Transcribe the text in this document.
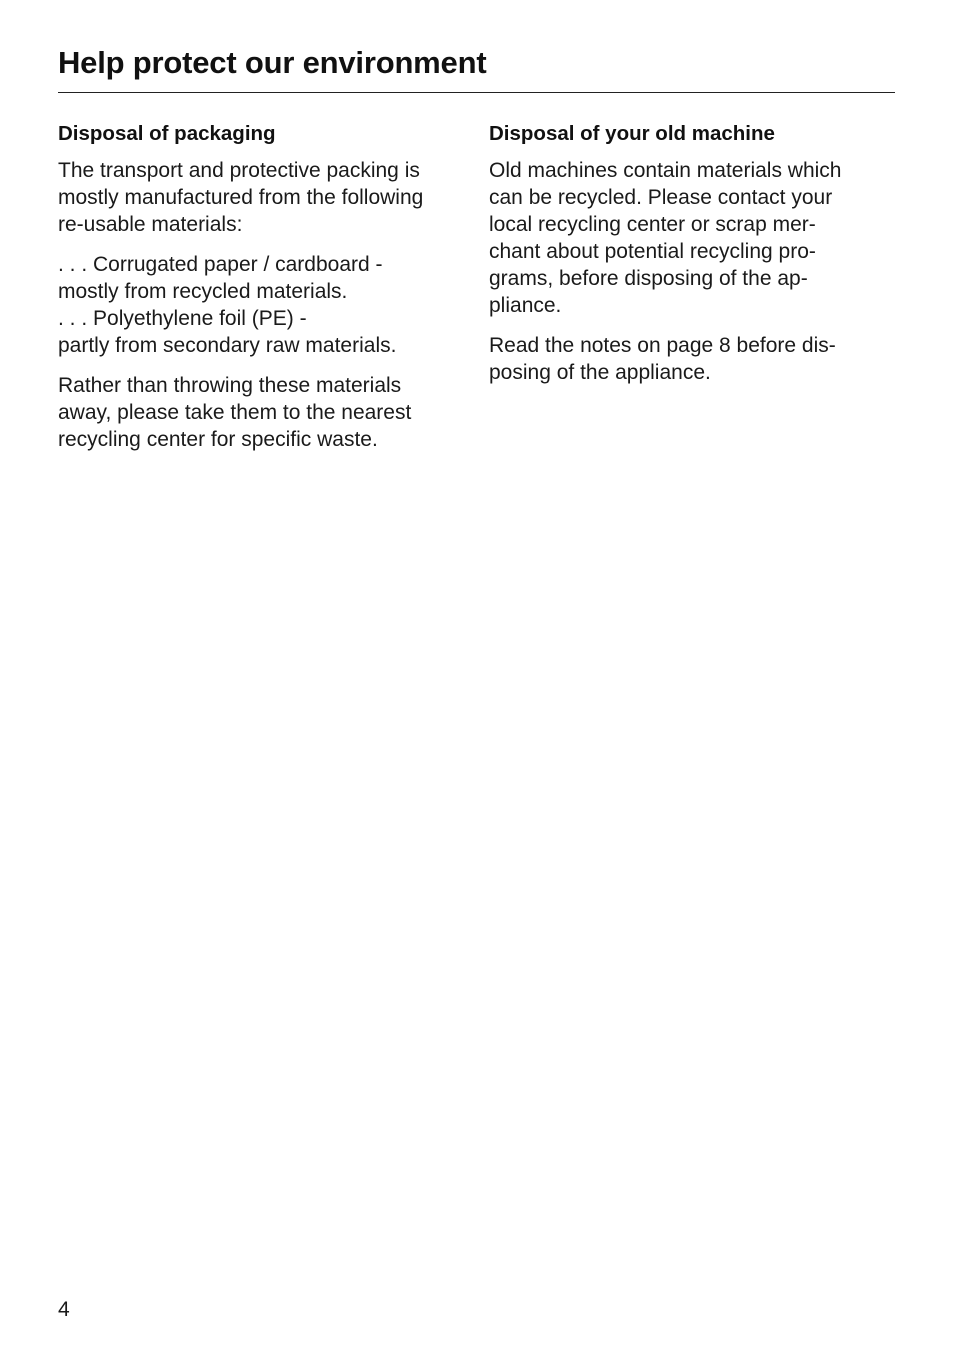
Help protect our environment
Disposal of packaging

The transport and protective packing is
mostly manufactured from the following
re-usable materials:

. . . Corrugated paper / cardboard -
mostly from recycled materials.
. . . Polyethylene foil (PE) -
partly from secondary raw materials.

Rather than throwing these materials
away, please take them to the nearest
recycling center for specific waste.

Disposal of your old machine

Old machines contain materials which
can be recycled. Please contact your
local recycling center or scrap mer-
chant about potential recycling pro-
grams, before disposing of the ap-
pliance.

Read the notes on page 8 before dis-
posing of the appliance.

4
